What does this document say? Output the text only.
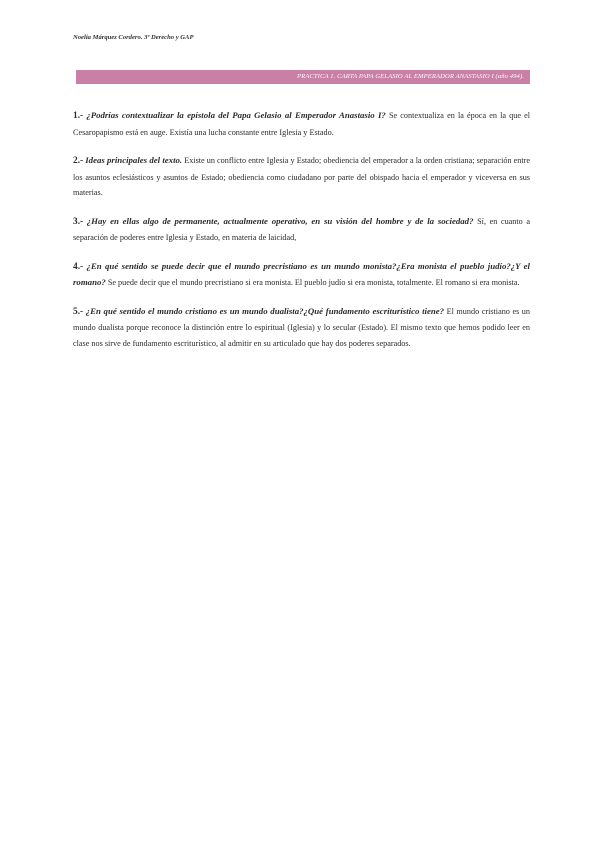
Noelia Márquez Cordero. 3º Derecho y GAP
PRACTICA 1. CARTA PAPA GELASIO AL EMPERADOR ANASTASIO I (año 494).

1.- ¿Podrías contextualizar la epístola del Papa Gelasio al Emperador Anastasio I? Se contextualiza en la época en la que el Cesaropapismo está en auge. Existía una lucha constante entre Iglesia y Estado.

2.- Ideas principales del texto. Existe un conflicto entre Iglesia y Estado; obediencia del emperador a la orden cristiana; separación entre los asuntos eclesiásticos y asuntos de Estado; obediencia como ciudadano por parte del obispado hacia el emperador y viceversa en sus materias.

3.- ¿Hay en ellas algo de permanente, actualmente operativo, en su visión del hombre y de la sociedad? Sí, en cuanto a separación de poderes entre Iglesia y Estado, en materia de laicidad,

4.- ¿En qué sentido se puede decir que el mundo precristiano es un mundo monista?¿Era monista el pueblo judío?¿Y el romano? Se puede decir que el mundo precristiano si era monista. El pueblo judío si era monista, totalmente. El romano si era monista.

5.- ¿En qué sentido el mundo cristiano es un mundo dualista?¿Qué fundamento escriturístico tiene? El mundo cristiano es un mundo dualista porque reconoce la distinción entre lo espiritual (Iglesia) y lo secular (Estado). El mismo texto que hemos podido leer en clase nos sirve de fundamento escriturístico, al admitir en su articulado que hay dos poderes separados.
